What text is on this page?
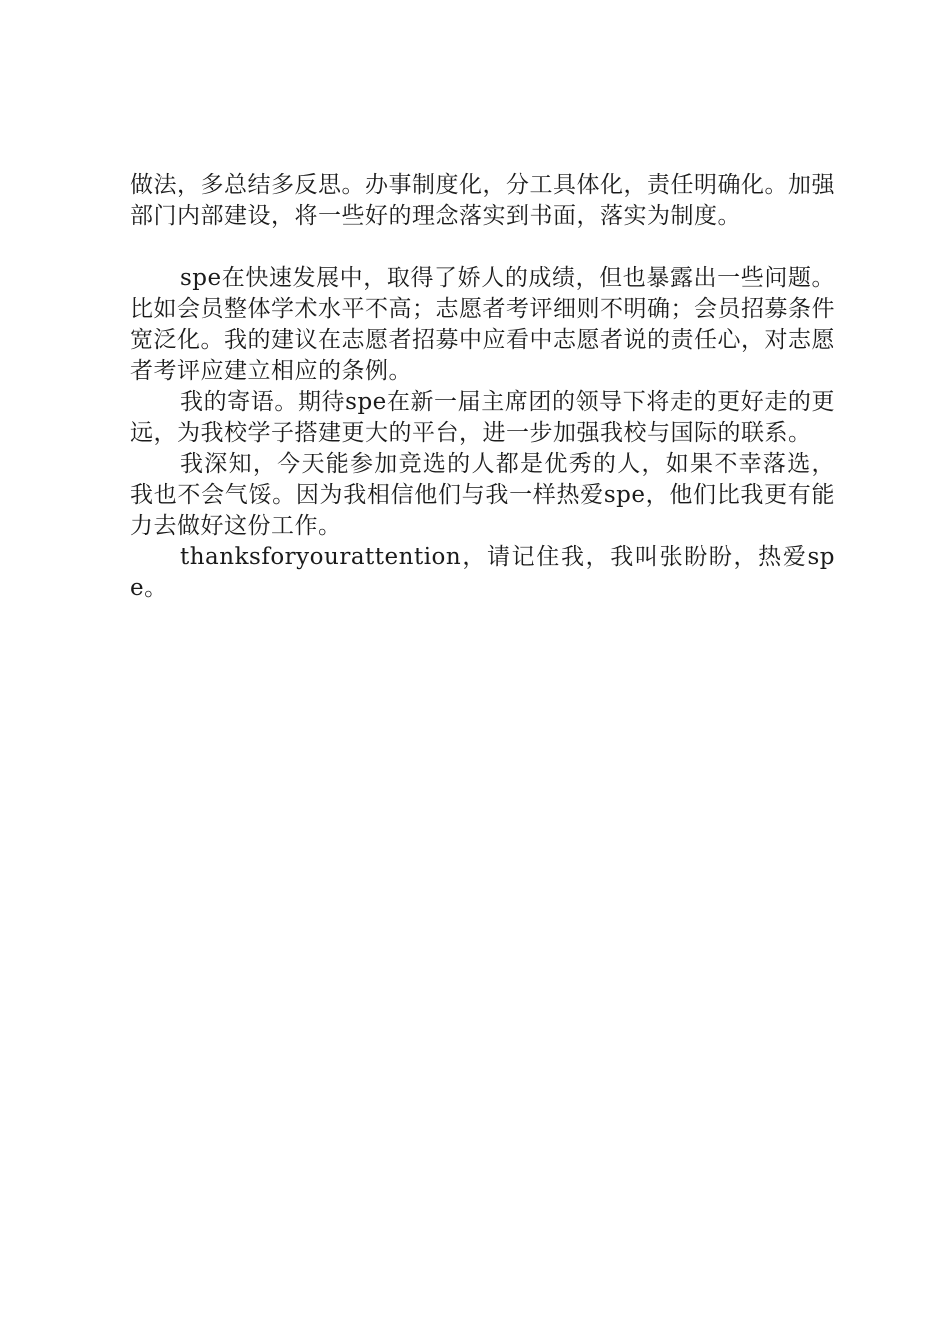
做法，多总结多反思。办事制度化，分工具体化，责任明确化。加强部门内部建设，将一些好的理念落实到书面，落实为制度。

spe在快速发展中，取得了娇人的成绩，但也暴露出一些问题。比如会员整体学术水平不高；志愿者考评细则不明确；会员招募条件宽泛化。我的建议在志愿者招募中应看中志愿者说的责任心，对志愿者考评应建立相应的条例。

我的寄语。期待spe在新一届主席团的领导下将走的更好走的更远，为我校学子搭建更大的平台，进一步加强我校与国际的联系。

我深知，今天能参加竞选的人都是优秀的人，如果不幸落选，我也不会气馁。因为我相信他们与我一样热爱spe，他们比我更有能力去做好这份工作。

thanksforyourattention，请记住我，我叫张盼盼，热爱spe。
